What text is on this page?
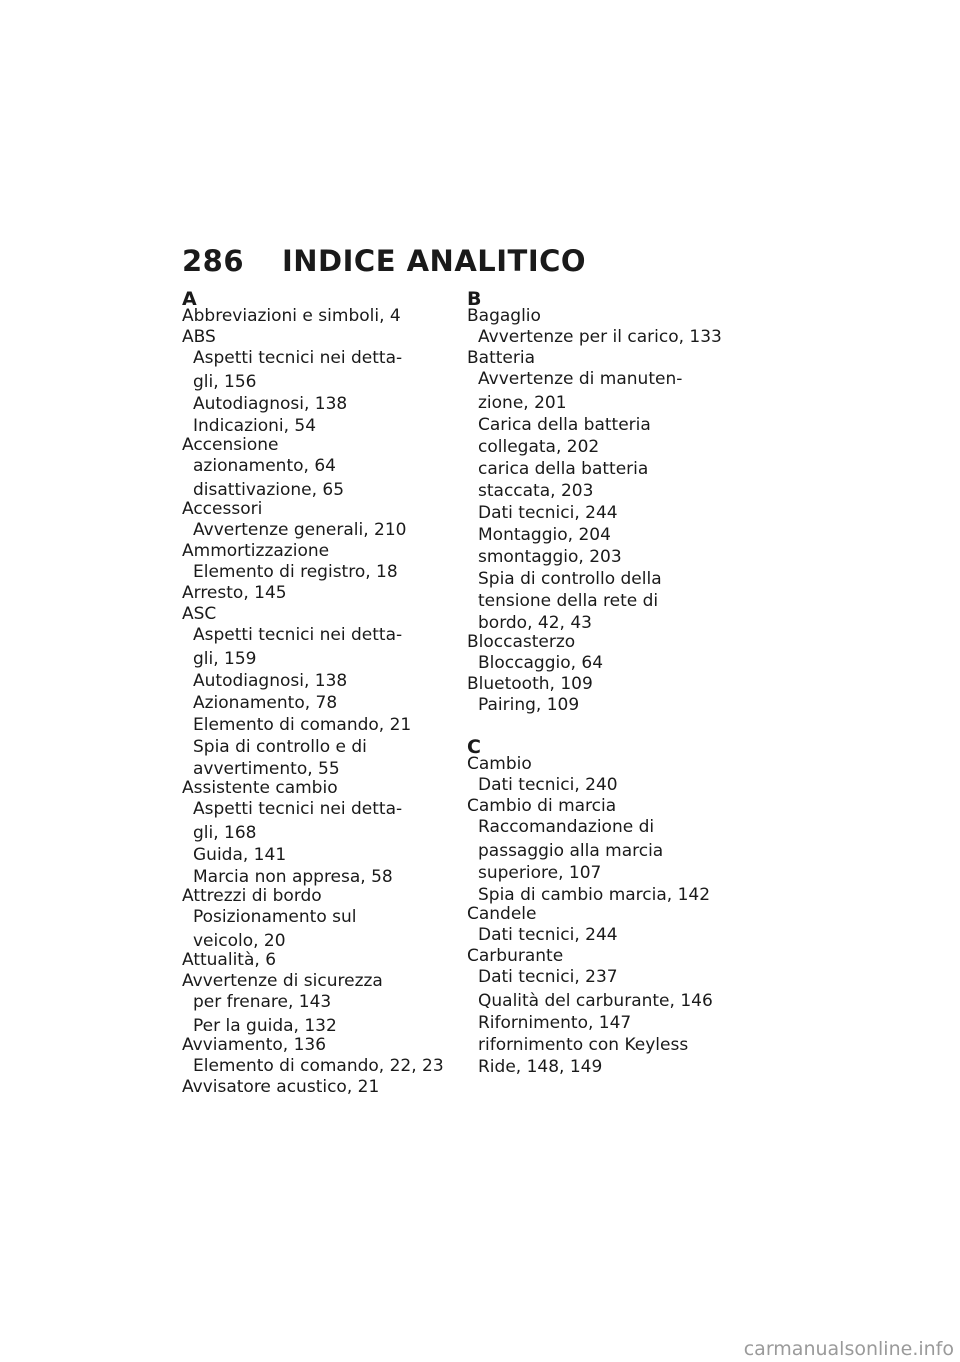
286 INDICE ANALITICO
A
Abbreviazioni e simboli, 4
ABS
Aspetti tecnici nei detta-
gli, 156
Autodiagnosi, 138
Indicazioni, 54
Accensione
azionamento, 64
disattivazione, 65
Accessori
Avvertenze generali, 210
Ammortizzazione
Elemento di registro, 18
Arresto, 145
ASC
Aspetti tecnici nei detta-
gli, 159
Autodiagnosi, 138
Azionamento, 78
Elemento di comando, 21
Spia di controllo e di
avvertimento, 55
Assistente cambio
Aspetti tecnici nei detta-
gli, 168
Guida, 141
Marcia non appresa, 58
Attrezzi di bordo
Posizionamento sul
veicolo, 20
Attualità, 6
Avvertenze di sicurezza
per frenare, 143
Per la guida, 132
Avviamento, 136
Elemento di comando, 22, 23
Avvisatore acustico, 21
B
Bagaglio
Avvertenze per il carico, 133
Batteria
Avvertenze di manuten-
zione, 201
Carica della batteria
collegata, 202
carica della batteria
staccata, 203
Dati tecnici, 244
Montaggio, 204
smontaggio, 203
Spia di controllo della
tensione della rete di
bordo, 42, 43
Bloccasterzo
Bloccaggio, 64
Bluetooth, 109
Pairing, 109
C
Cambio
Dati tecnici, 240
Cambio di marcia
Raccomandazione di
passaggio alla marcia
superiore, 107
Spia di cambio marcia, 142
Candele
Dati tecnici, 244
Carburante
Dati tecnici, 237
Qualità del carburante, 146
Rifornimento, 147
rifornimento con Keyless
Ride, 148, 149
carmanualsonline.info
